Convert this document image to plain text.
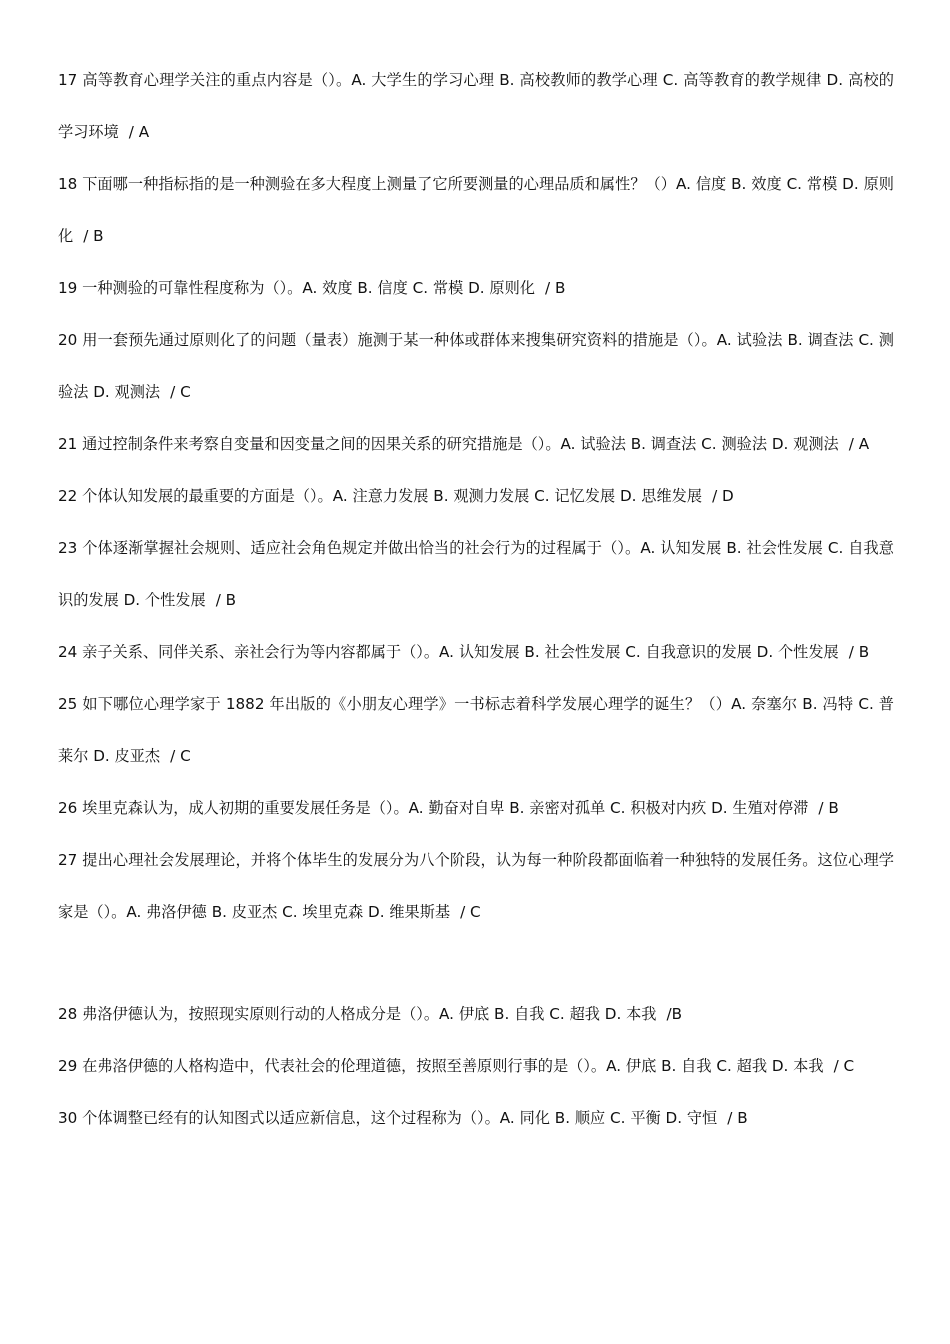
17 高等教育心理学关注的重点内容是（）。A. 大学生的学习心理 B. 高校教师的教学心理 C. 高等教育的教学规律 D. 高校的学习环境 / A

18 下面哪一种指标指的是一种测验在多大程度上测量了它所要测量的心理品质和属性？（）A. 信度 B. 效度 C. 常模 D. 原则化 / B

19 一种测验的可靠性程度称为（）。A. 效度 B. 信度 C. 常模 D. 原则化 / B

20 用一套预先通过原则化了的问题（量表）施测于某一种体或群体来搜集研究资料的措施是（）。A. 试验法 B. 调查法 C. 测验法 D. 观测法 / C

21 通过控制条件来考察自变量和因变量之间的因果关系的研究措施是（）。A. 试验法 B. 调查法 C. 测验法 D. 观测法 / A

22 个体认知发展的最重要的方面是（）。A. 注意力发展 B. 观测力发展 C. 记忆发展 D. 思维发展 / D

23 个体逐渐掌握社会规则、适应社会角色规定并做出恰当的社会行为的过程属于（）。A. 认知发展 B. 社会性发展 C. 自我意识的发展 D. 个性发展 / B

24 亲子关系、同伴关系、亲社会行为等内容都属于（）。A. 认知发展 B. 社会性发展 C. 自我意识的发展 D. 个性发展 / B

25 如下哪位心理学家于 1882 年出版的《小朋友心理学》一书标志着科学发展心理学的诞生？（）A. 奈塞尔 B. 冯特 C. 普莱尔 D. 皮亚杰 / C

26 埃里克森认为，成人初期的重要发展任务是（）。A. 勤奋对自卑 B. 亲密对孤单 C. 积极对内疚 D. 生殖对停滞 / B

27 提出心理社会发展理论，并将个体毕生的发展分为八个阶段，认为每一种阶段都面临着一种独特的发展任务。这位心理学家是（）。A. 弗洛伊德 B. 皮亚杰 C. 埃里克森 D. 维果斯基 / C

28 弗洛伊德认为，按照现实原则行动的人格成分是（）。A. 伊底 B. 自我 C. 超我 D. 本我 /B

29 在弗洛伊德的人格构造中，代表社会的伦理道德，按照至善原则行事的是（）。A. 伊底 B. 自我 C. 超我 D. 本我 / C

30 个体调整已经有的认知图式以适应新信息，这个过程称为（）。A. 同化 B. 顺应 C. 平衡 D. 守恒 / B
